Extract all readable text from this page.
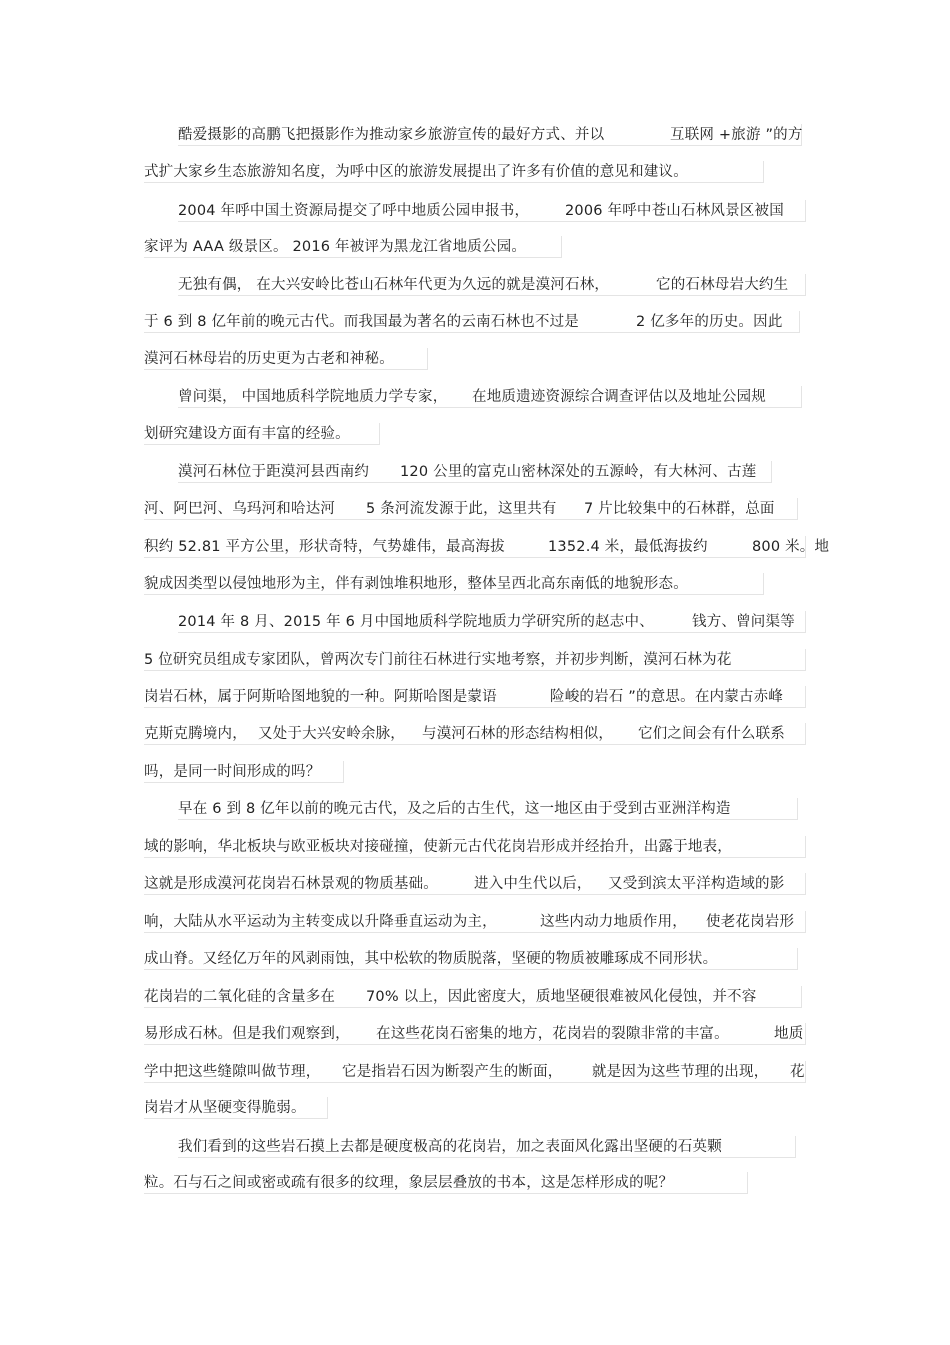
酷爱摄影的高鹏飞把摄影作为推动家乡旅游宣传的最好方式、并以	互联网 +旅游 ”的方
式扩大家乡生态旅游知名度，为呼中区的旅游发展提出了许多有价值的意见和建议。
2004 年呼中国土资源局提交了呼中地质公园申报书， 2006 年呼中苍山石林风景区被国
家评为 AAA 级景区。 2016 年被评为黑龙江省地质公园。
无独有偶， 在大兴安岭比苍山石林年代更为久远的就是漠河石林，	它的石林母岩大约生
于 6 到 8 亿年前的晚元古代。而我国最为著名的云南石林也不过是	2 亿多年的历史。因此
漠河石林母岩的历史更为古老和神秘。
曾问渠， 中国地质科学院地质力学专家， 在地质遗迹资源综合调查评估以及地址公园规
划研究建设方面有丰富的经验。
漠河石林位于距漠河县西南约 120 公里的富克山密林深处的五源岭，有大林河、古莲
河、阿巴河、乌玛河和哈达河 5 条河流发源于此，这里共有 7 片比较集中的石林群，总面
积约 52.81 平方公里，形状奇特，气势雄伟，最高海拔	1352.4 米，最低海拔约	800 米。地
貌成因类型以侵蚀地形为主，伴有剥蚀堆积地形，整体呈西北高东南低的地貌形态。
2014 年 8 月、2015 年 6 月中国地质科学院地质力学研究所的赵志中、	钱方、曾问渠等
5 位研究员组成专家团队，曾两次专门前往石林进行实地考察，并初步判断，漠河石林为花
岗岩石林，属于阿斯哈图地貌的一种。阿斯哈图是蒙语	险峻的岩石 ”的意思。在内蒙古赤峰
克斯克腾境内， 又处于大兴安岭余脉， 与漠河石林的形态结构相似， 它们之间会有什么联系
吗，是同一时间形成的吗？
早在 6 到 8 亿年以前的晚元古代，及之后的古生代，这一地区由于受到古亚洲洋构造
域的影响，华北板块与欧亚板块对接碰撞，使新元古代花岗岩形成并经抬升，出露于地表，
这就是形成漠河花岗岩石林景观的物质基础。 进入中生代以后， 又受到滨太平洋构造域的影
响，大陆从水平运动为主转变成以升降垂直运动为主，	这些内动力地质作用， 使老花岗岩形
成山脊。又经亿万年的风剥雨蚀，其中松软的物质脱落，坚硬的物质被雕琢成不同形状。
花岗岩的二氧化硅的含量多在 70% 以上，因此密度大，质地坚硬很难被风化侵蚀，并不容
易形成石林。但是我们观察到， 在这些花岗石密集的地方，花岗岩的裂隙非常的丰富。	地质
学中把这些缝隙叫做节理， 它是指岩石因为断裂产生的断面， 就是因为这些节理的出现， 花
岗岩才从坚硬变得脆弱。
我们看到的这些岩石摸上去都是硬度极高的花岗岩，加之表面风化露出坚硬的石英颗
粒。石与石之间或密或疏有很多的纹理，象层层叠放的书本，这是怎样形成的呢？
